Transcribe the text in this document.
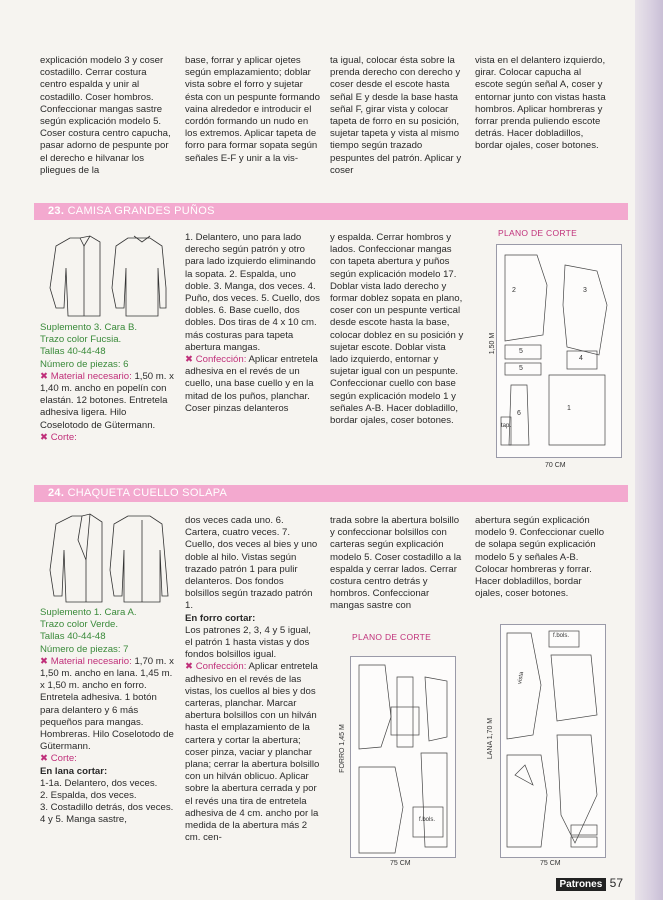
explicación modelo 3 y coser costadillo. Cerrar costura centro espalda y unir al costadillo. Coser hombros. Confeccionar mangas sastre según explicación modelo 5. Coser costura centro capucha, pasar adorno de pespunte por el derecho e hilvanar los pliegues de la

base, forrar y aplicar ojetes según emplazamiento; doblar vista sobre el forro y sujetar ésta con un pespunte formando vaina alrededor e introducir el cordón formando un nudo en los extremos. Aplicar tapeta de forro para formar sopata según señales E-F y unir a la vis-

ta igual, colocar ésta sobre la prenda derecho con derecho y coser desde el escote hasta señal E y desde la base hasta señal F, girar vista y colocar tapeta de forro en su posición, sujetar tapeta y vista al mismo tiempo según trazado pespuntes del patrón. Aplicar y coser

vista en el delantero izquierdo, girar. Colocar capucha al escote según señal A, coser y entornar junto con vistas hasta hombros. Aplicar hombreras y forrar prenda puliendo escote detrás. Hacer dobladillos, bordar ojales, coser botones.

23. CAMISA GRANDES PUÑOS

Suplemento 3. Cara B.

Trazo color Fucsia.

Tallas 40-44-48

Número de piezas: 6

✖ Material necesario: 1,50 m. x 1,40 m. ancho en popelín con elastán. 12 botones. Entretela adhesiva ligera. Hilo Coselotodo de Gütermann.

✖ Corte:

1. Delantero, uno para lado derecho según patrón y otro para lado izquierdo eliminando la sopata. 2. Espalda, uno doble. 3. Manga, dos veces. 4. Puño, dos veces. 5. Cuello, dos dobles. 6. Base cuello, dos dobles. Dos tiras de 4 x 10 cm. más costuras para tapeta abertura mangas.

✖ Confección: Aplicar entretela adhesiva en el revés de un cuello, una base cuello y en la mitad de los puños, planchar. Coser pinzas delanteros

y espalda. Cerrar hombros y lados. Confeccionar mangas con tapeta abertura y puños según explicación modelo 17. Doblar vista lado derecho y formar doblez sopata en plano, coser con un pespunte vertical desde escote hasta la base, colocar doblez en su posición y sujetar escote. Doblar vista lado izquierdo, entornar y sujetar igual con un pespunte. Confeccionar cuello con base según explicación modelo 1 y señales A-B. Hacer dobladillo, bordar ojales, coser botones.

PLANO DE CORTE
2	3
4
5
5
1
6
tap.
1,50 M
70 CM
24. CHAQUETA CUELLO SOLAPA

Suplemento 1. Cara A.

Trazo color Verde.

Tallas 40-44-48

Número de piezas: 7

✖ Material necesario: 1,70 m. x 1,50 m. ancho en lana. 1,45 m. x 1,50 m. ancho en forro. Entretela adhesiva. 1 botón para delantero y 6 más pequeños para mangas. Hombreras. Hilo Coselotodo de Gütermann.

✖ Corte:

En lana cortar:

1-1a. Delantero, dos veces.

2. Espalda, dos veces.

3. Costadillo detrás, dos veces.

4 y 5. Manga sastre,

dos veces cada uno. 6. Cartera, cuatro veces. 7. Cuello, dos veces al bies y uno doble al hilo. Vistas según trazado patrón 1 para pulir delanteros. Dos fondos bolsillos según trazado patrón 1.

En forro cortar:

Los patrones 2, 3, 4 y 5 igual, el patrón 1 hasta vistas y dos fondos bolsillos igual.

✖ Confección: Aplicar entretela adhesivo en el revés de las vistas, los cuellos al bies y dos carteras, planchar. Marcar abertura bolsillos con un hilván hasta el emplazamiento de la cartera y cortar la abertura; coser pinza, vaciar y planchar plana; cerrar la abertura bolsillo con un hilván oblicuo. Aplicar sobre la abertura cerrada y por el revés una tira de entretela adhesiva de 4 cm. ancho por la medida de la abertura más 2 cm. cen-

trada sobre la abertura bolsillo y confeccionar bolsillos con carteras según explicación modelo 5. Coser costadillo a la espalda y cerrar lados. Cerrar costura centro detrás y hombros. Confeccionar mangas sastre con

abertura según explicación modelo 9. Confeccionar cuello de solapa según explicación modelo 5 y señales A-B. Colocar hombreras y forrar. Hacer dobladillos, bordar ojales, coser botones.

PLANO DE CORTE
f.bols.
FORRO 1,45 M
75 CM
f.bols.
vista
LANA 1,70 M
75 CM
Patrones 57
